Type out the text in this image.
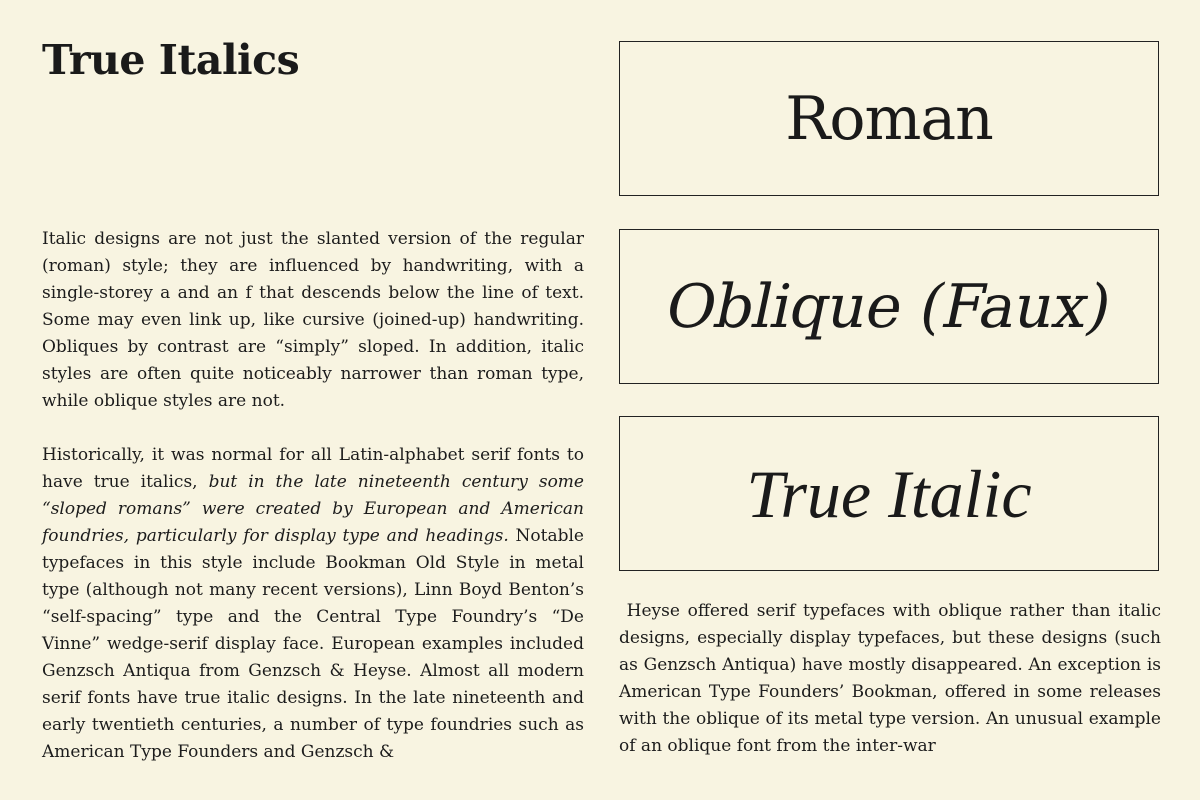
True Italics

Italic designs are not just the slanted version of the regular (roman) style; they are influenced by handwriting, with a single-storey a and an f that descends below the line of text. Some may even link up, like cursive (joined-up) handwriting. Obliques by contrast are “simply” sloped. In addition, italic styles are often quite noticeably narrower than roman type, while oblique styles are not.

Historically, it was normal for all Latin-alphabet serif fonts to have true italics, but in the late nineteenth century some “sloped romans” were created by European and American foundries, particularly for display type and headings. Notable typefaces in this style include Bookman Old Style in metal type (although not many recent versions), Linn Boyd Benton’s “self-spacing” type and the Central Type Foundry’s “De Vinne” wedge-serif display face. European examples included Genzsch Antiqua from Genzsch & Heyse. Almost all modern serif fonts have true italic designs. In the late nineteenth and early twentieth centuries, a number of type foundries such as American Type Founders and Genzsch &

Roman
Oblique (Faux)
True Italic

Heyse offered serif typefaces with oblique rather than italic designs, especially display typefaces, but these designs (such as Genzsch Antiqua) have mostly disappeared. An exception is American Type Founders’ Bookman, offered in some releases with the oblique of its metal type version. An unusual example of an oblique font from the inter-war
